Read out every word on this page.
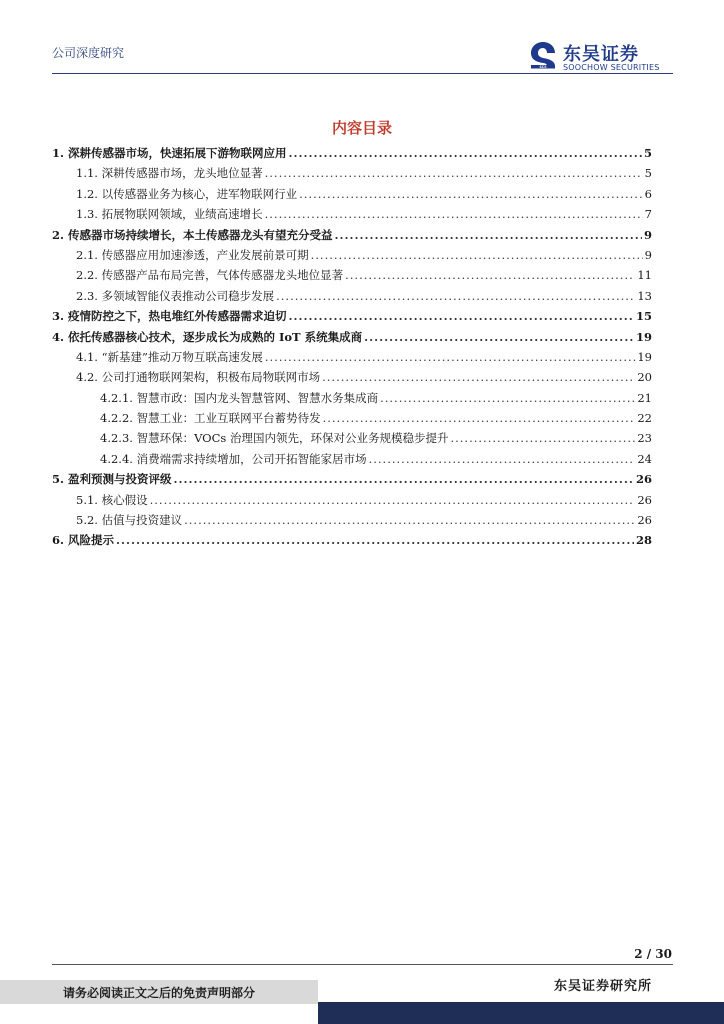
公司深度研究
SCS
东吴证券
SOOCHOW SECURITIES
内容目录
1. 深耕传感器市场，快速拓展下游物联网应用 .....	5
1.1. 深耕传感器市场，龙头地位显著 .....	5
1.2. 以传感器业务为核心，进军物联网行业 .....	6
1.3. 拓展物联网领域，业绩高速增长 .....	7
2. 传感器市场持续增长，本土传感器龙头有望充分受益 .....	9
2.1. 传感器应用加速渗透，产业发展前景可期 .....	9
2.2. 传感器产品布局完善，气体传感器龙头地位显著 .....	11
2.3. 多领域智能仪表推动公司稳步发展 .....	13
3. 疫情防控之下，热电堆红外传感器需求迫切 .....	15
4. 依托传感器核心技术，逐步成长为成熟的 IoT 系统集成商 .....	19
4.1. “新基建”推动万物互联高速发展 .....	19
4.2. 公司打通物联网架构，积极布局物联网市场 .....	20
4.2.1. 智慧市政：国内龙头智慧管网、智慧水务集成商 .....	21
4.2.2. 智慧工业：工业互联网平台蓄势待发 .....	22
4.2.3. 智慧环保：VOCs 治理国内领先，环保对公业务规模稳步提升 .....	23
4.2.4. 消费端需求持续增加，公司开拓智能家居市场 .....	24
5. 盈利预测与投资评级 .....	26
5.1. 核心假设 .....	26
5.2. 估值与投资建议 .....	26
6. 风险提示 .....	28
2 / 30
请务必阅读正文之后的免责声明部分	东吴证券研究所
